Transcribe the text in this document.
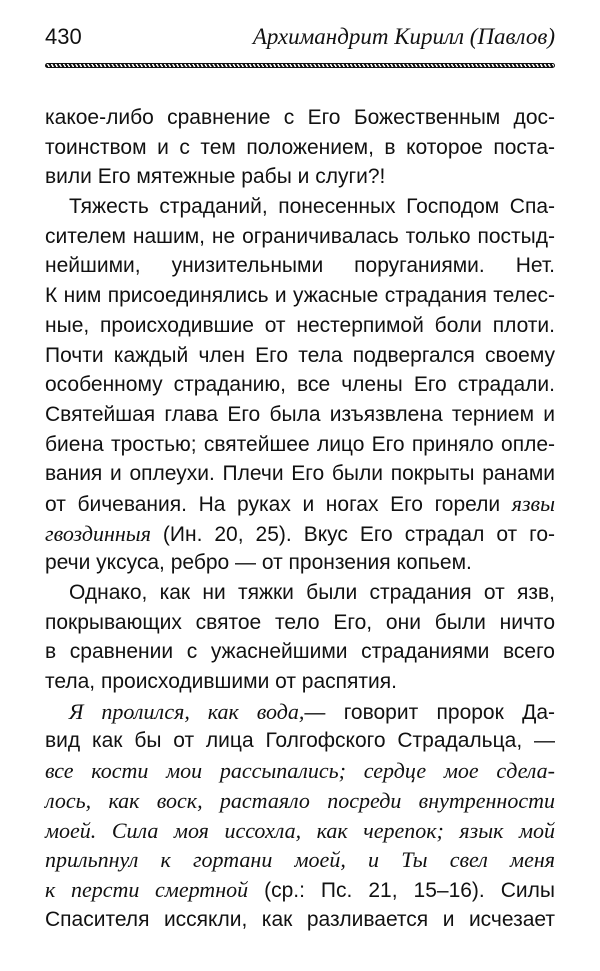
430	Архимандрит Кирилл (Павлов)
какое-либо сравнение с Его Божественным дос-
тоинством и с тем положением, в которое поста-
вили Его мятежные рабы и слуги?!
Тяжесть страданий, понесенных Господом Спа-
сителем нашим, не ограничивалась только постыд-
нейшими, унизительными поруганиями. Нет.
К ним присоединялись и ужасные страдания телес-
ные, происходившие от нестерпимой боли плоти.
Почти каждый член Его тела подвергался своему
особенному страданию, все члены Его страдали.
Святейшая глава Его была изъязвлена тернием и
биена тростью; святейшее лицо Его приняло опле-
вания и оплеухи. Плечи Его были покрыты ранами
от бичевания. На руках и ногах Его горели язвы
гвоздинныя (Ин. 20, 25). Вкус Его страдал от го-
речи уксуса, ребро — от пронзения копьем.
Однако, как ни тяжки были страдания от язв,
покрывающих святое тело Его, они были ничто
в сравнении с ужаснейшими страданиями всего
тела, происходившими от распятия.
Я пролился, как вода,— говорит пророк Да-
вид как бы от лица Голгофского Страдальца, —
все кости мои рассыпались; сердце мое сдела-
лось, как воск, растаяло посреди внутренности
моей. Сила моя иссохла, как черепок; язык мой
прильпнул к гортани моей, и Ты свел меня
к персти смертной (ср.: Пс. 21, 15–16). Силы
Спасителя иссякли, как разливается и исчезает
